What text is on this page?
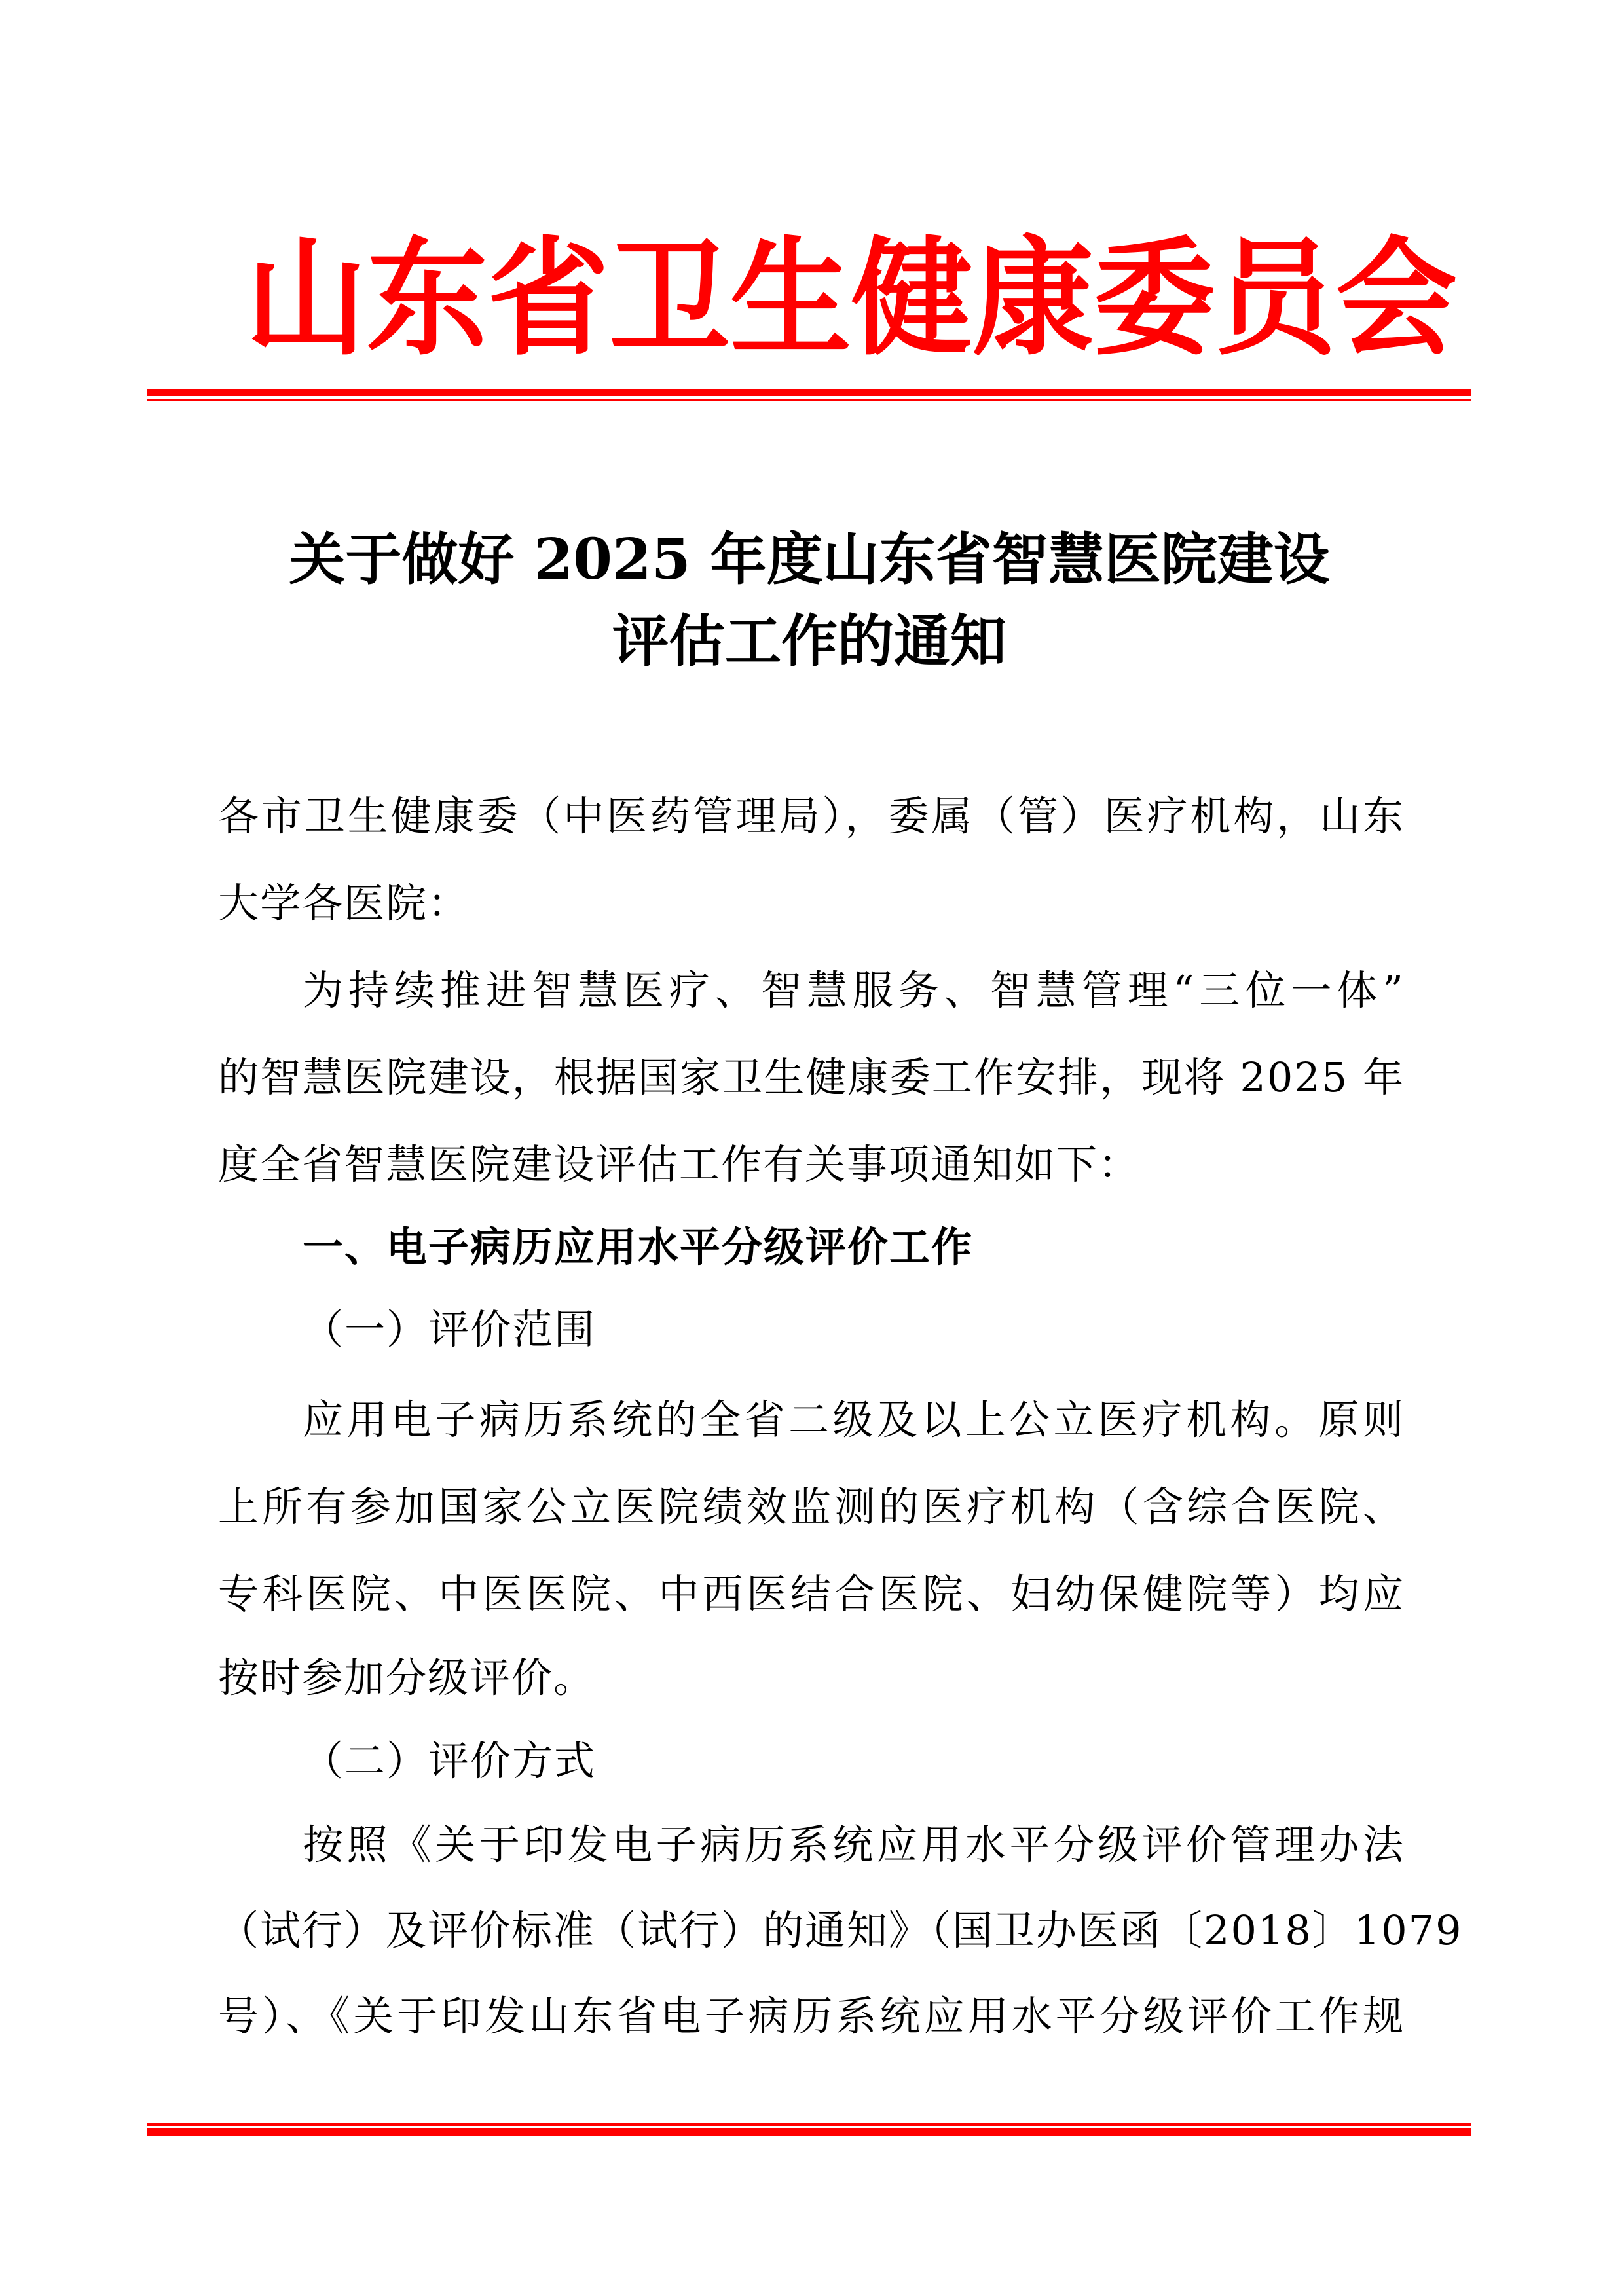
山 东 省 卫 生 健 康 委 员 会
关于做好 2025 年度山东省智慧医院建设
评估工作的通知
各市卫生健康委（中医药管理局），委属（管）医疗机构，山东
大学各医院：
为持续推进智慧医疗、智慧服务、智慧管理“三位一体”
的智慧医院建设，根据国家卫生健康委工作安排，现将 2025 年
度全省智慧医院建设评估工作有关事项通知如下：
一、电子病历应用水平分级评价工作
（一）评价范围
应用电子病历系统的全省二级及以上公立医疗机构。原则
上所有参加国家公立医院绩效监测的医疗机构（含综合医院、
专科医院、中医医院、中西医结合医院、妇幼保健院等）均应
按时参加分级评价。
（二）评价方式
按照《关于印发电子病历系统应用水平分级评价管理办法
（试行）及评价标准（试行）的通知》（国卫办医函〔2018〕1079
号）、《关于印发山东省电子病历系统应用水平分级评价工作规
